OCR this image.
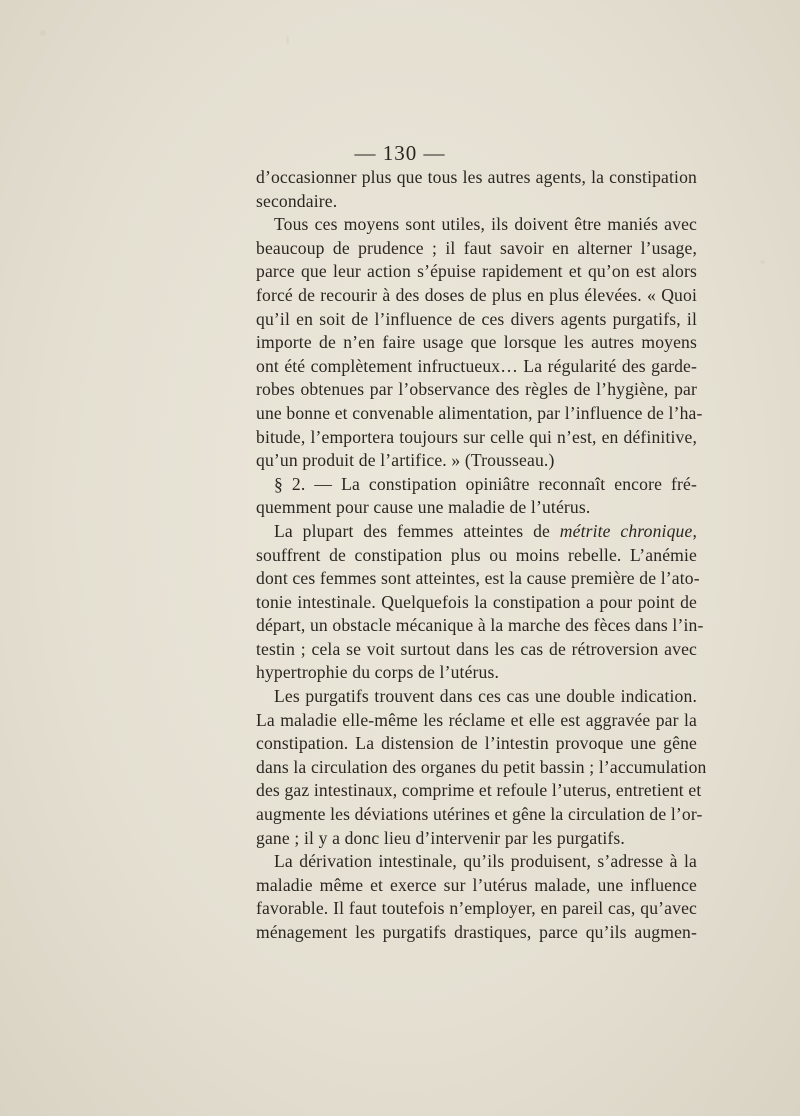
— 130 —
d’occasionner plus que tous les autres agents, la constipation
secondaire.
Tous ces moyens sont utiles, ils doivent être maniés avec
beaucoup de prudence ; il faut savoir en alterner l’usage,
parce que leur action s’épuise rapidement et qu’on est alors
forcé de recourir à des doses de plus en plus élevées. « Quoi
qu’il en soit de l’influence de ces divers agents purgatifs, il
importe de n’en faire usage que lorsque les autres moyens
ont été complètement infructueux… La régularité des garde-
robes obtenues par l’observance des règles de l’hygiène, par
une bonne et convenable alimentation, par l’influence de l’ha-
bitude, l’emportera toujours sur celle qui n’est, en définitive,
qu’un produit de l’artifice. » (Trousseau.)
§ 2. — La constipation opiniâtre reconnaît encore fré-
quemment pour cause une maladie de l’utérus.
La plupart des femmes atteintes de métrite chronique,
souffrent de constipation plus ou moins rebelle. L’anémie
dont ces femmes sont atteintes, est la cause première de l’ato-
tonie intestinale. Quelquefois la constipation a pour point de
départ, un obstacle mécanique à la marche des fèces dans l’in-
testin ; cela se voit surtout dans les cas de rétroversion avec
hypertrophie du corps de l’utérus.
Les purgatifs trouvent dans ces cas une double indication.
La maladie elle-même les réclame et elle est aggravée par la
constipation. La distension de l’intestin provoque une gêne
dans la circulation des organes du petit bassin ; l’accumulation
des gaz intestinaux, comprime et refoule l’uterus, entretient et
augmente les déviations utérines et gêne la circulation de l’or-
gane ; il y a donc lieu d’intervenir par les purgatifs.
La dérivation intestinale, qu’ils produisent, s’adresse à la
maladie même et exerce sur l’utérus malade, une influence
favorable. Il faut toutefois n’employer, en pareil cas, qu’avec
ménagement les purgatifs drastiques, parce qu’ils augmen-
